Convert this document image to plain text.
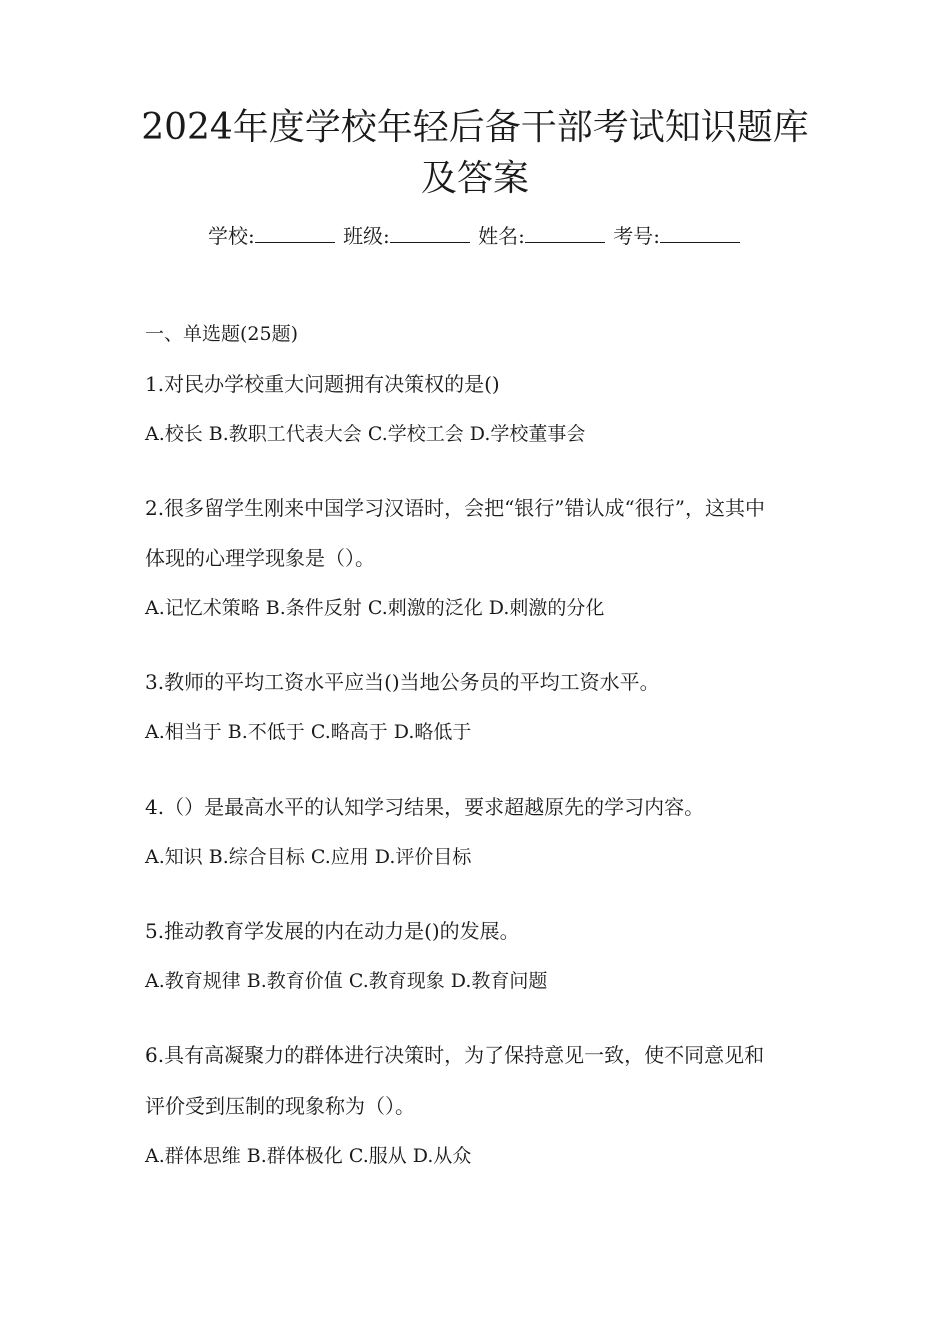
2024年度学校年轻后备干部考试知识题库
及答案
学校:	班级:	姓名:	考号:
一、单选题(25题)
1.对民办学校重大问题拥有决策权的是()
A.校长 B.教职工代表大会 C.学校工会 D.学校董事会
2.很多留学生刚来中国学习汉语时，会把“银行”错认成“很行”，这其中
体现的心理学现象是（）。
A.记忆术策略 B.条件反射 C.刺激的泛化 D.刺激的分化
3.教师的平均工资水平应当()当地公务员的平均工资水平。
A.相当于 B.不低于 C.略高于 D.略低于
4.（）是最高水平的认知学习结果，要求超越原先的学习内容。
A.知识 B.综合目标 C.应用 D.评价目标
5.推动教育学发展的内在动力是()的发展。
A.教育规律 B.教育价值 C.教育现象 D.教育问题
6.具有高凝聚力的群体进行决策时，为了保持意见一致，使不同意见和
评价受到压制的现象称为（）。
A.群体思维 B.群体极化 C.服从 D.从众
